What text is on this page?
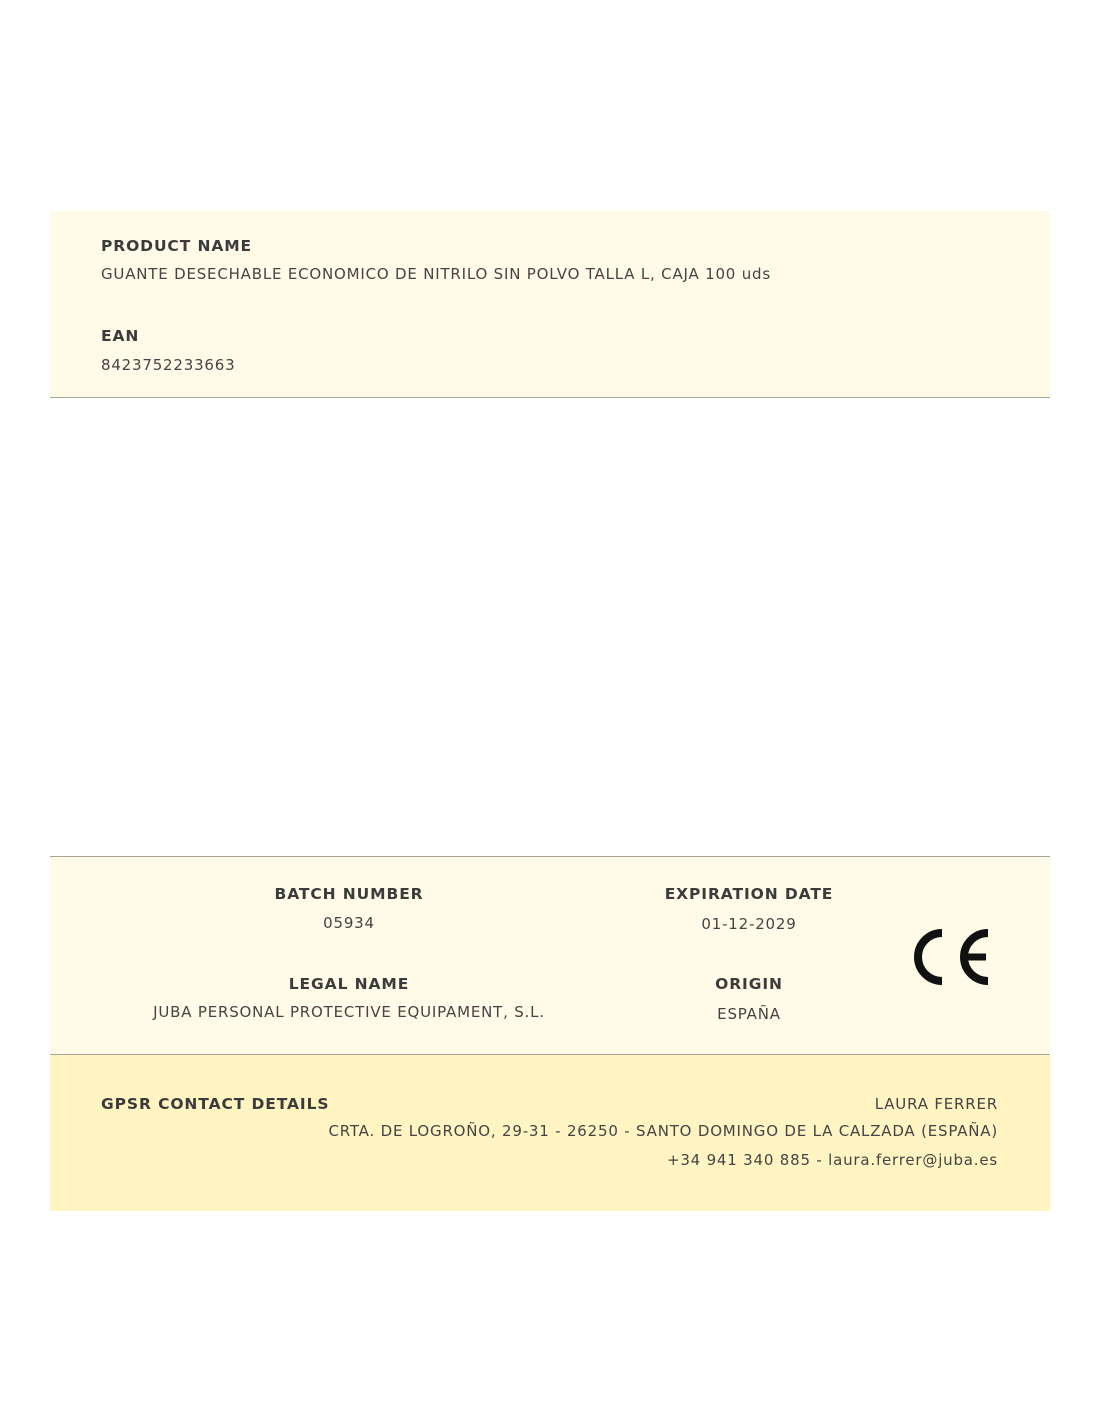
PRODUCT NAME
GUANTE DESECHABLE ECONOMICO DE NITRILO SIN POLVO TALLA L, CAJA 100 uds
EAN
8423752233663
BATCH NUMBER
05934
LEGAL NAME
JUBA PERSONAL PROTECTIVE EQUIPAMENT, S.L.
EXPIRATION DATE
01-12-2029
ORIGIN
ESPAÑA
GPSR CONTACT DETAILS	LAURA FERRER
CRTA. DE LOGROÑO, 29-31 - 26250 - SANTO DOMINGO DE LA CALZADA (ESPAÑA)
+34 941 340 885 - laura.ferrer@juba.es
